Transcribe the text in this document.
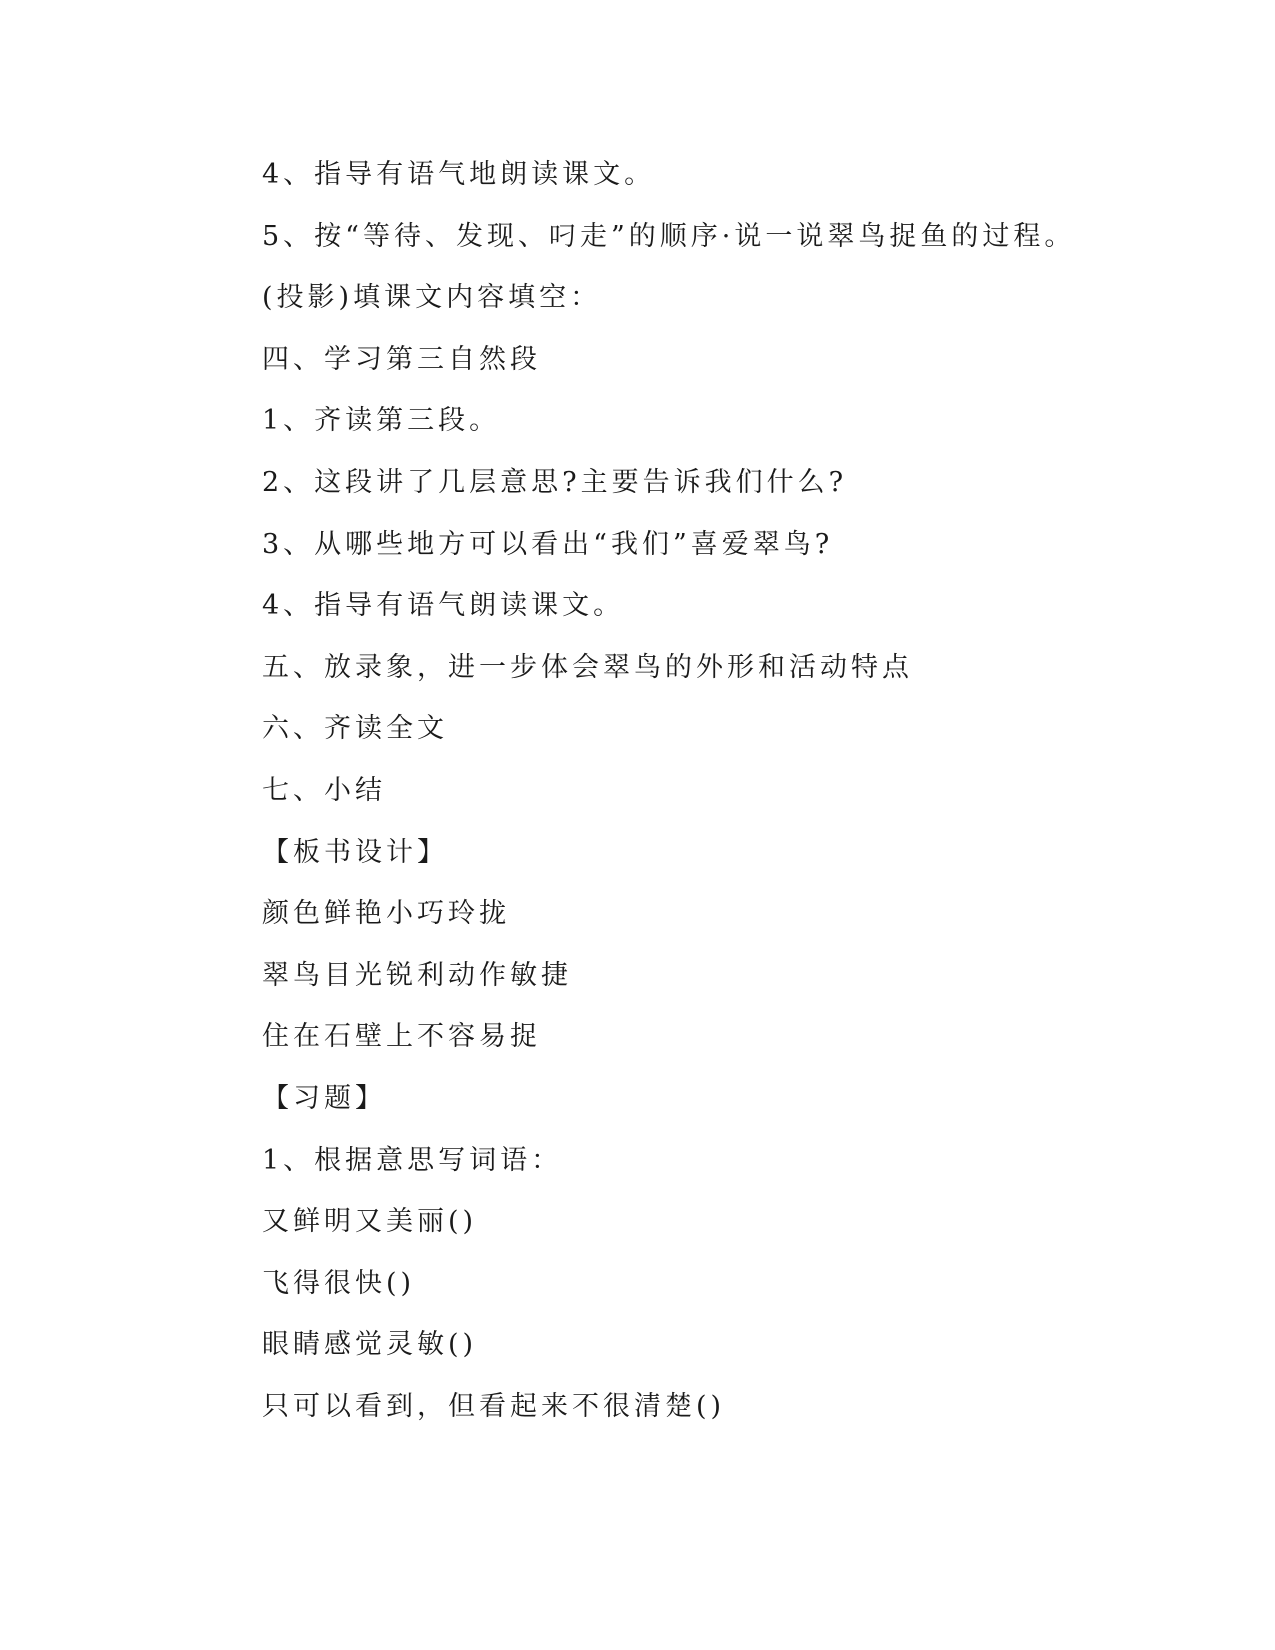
4、指导有语气地朗读课文。
5、按“等待、发现、叼走”的顺序·说一说翠鸟捉鱼的过程。
(投影)填课文内容填空：
四、学习第三自然段
1、齐读第三段。
2、这段讲了几层意思?主要告诉我们什么?
3、从哪些地方可以看出“我们”喜爱翠鸟?
4、指导有语气朗读课文。
五、放录象，进一步体会翠鸟的外形和活动特点
六、齐读全文
七、小结
【板书设计】
颜色鲜艳小巧玲拢
翠鸟目光锐利动作敏捷
住在石壁上不容易捉
【习题】
1、根据意思写词语：
又鲜明又美丽()
飞得很快()
眼睛感觉灵敏()
只可以看到，但看起来不很清楚()
